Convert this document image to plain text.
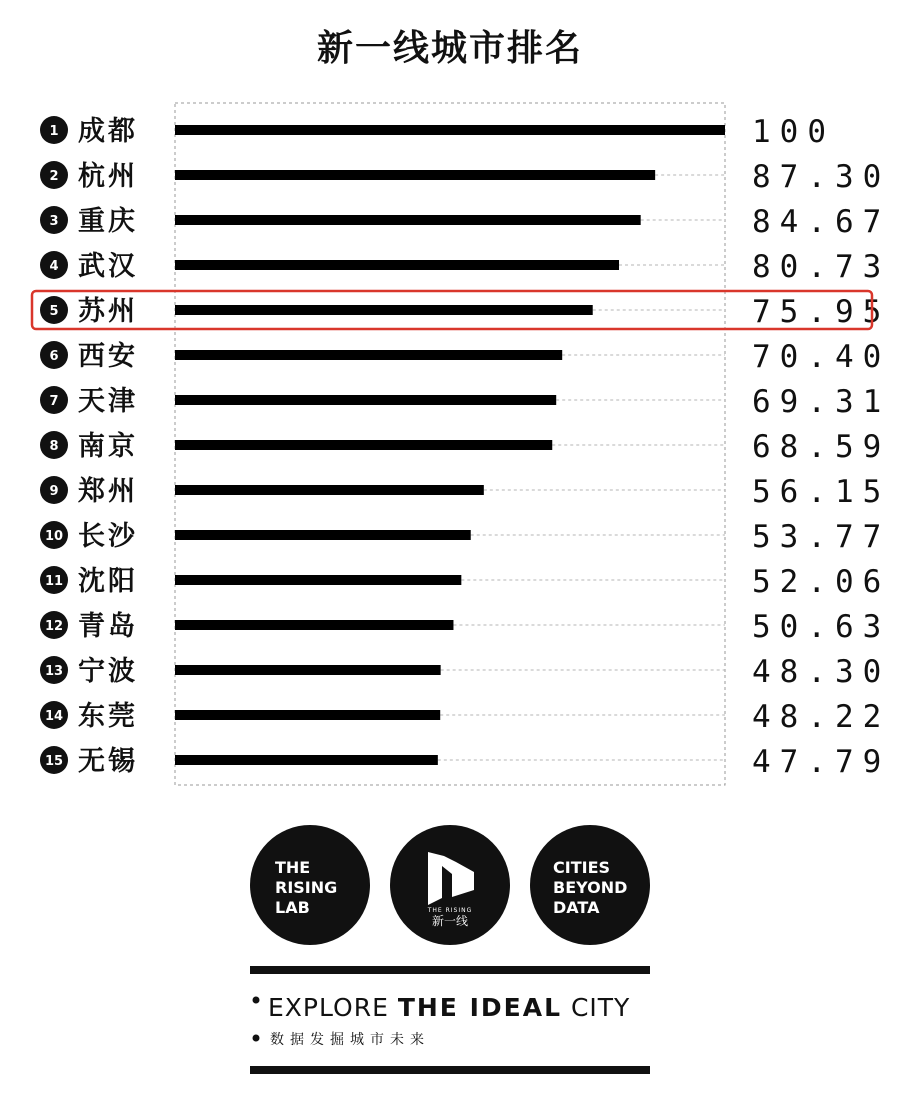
新一线城市排名
1 成都	100
2 杭州	87.30
3 重庆	84.67
4 武汉	80.73
5 苏州	75.95
6 西安	70.40
7 天津	69.31
8 南京	68.59
9 郑州	56.15
10 长沙	53.77
11 沈阳	52.06
12 青岛	50.63
13 宁波	48.30
14 东莞	48.22
15 无锡	47.79
THE RISING LAB	THE RISING
新一线
CITIES BEYOND DATA
EXPLORE THE IDEAL CITY
数据发掘城市未来
